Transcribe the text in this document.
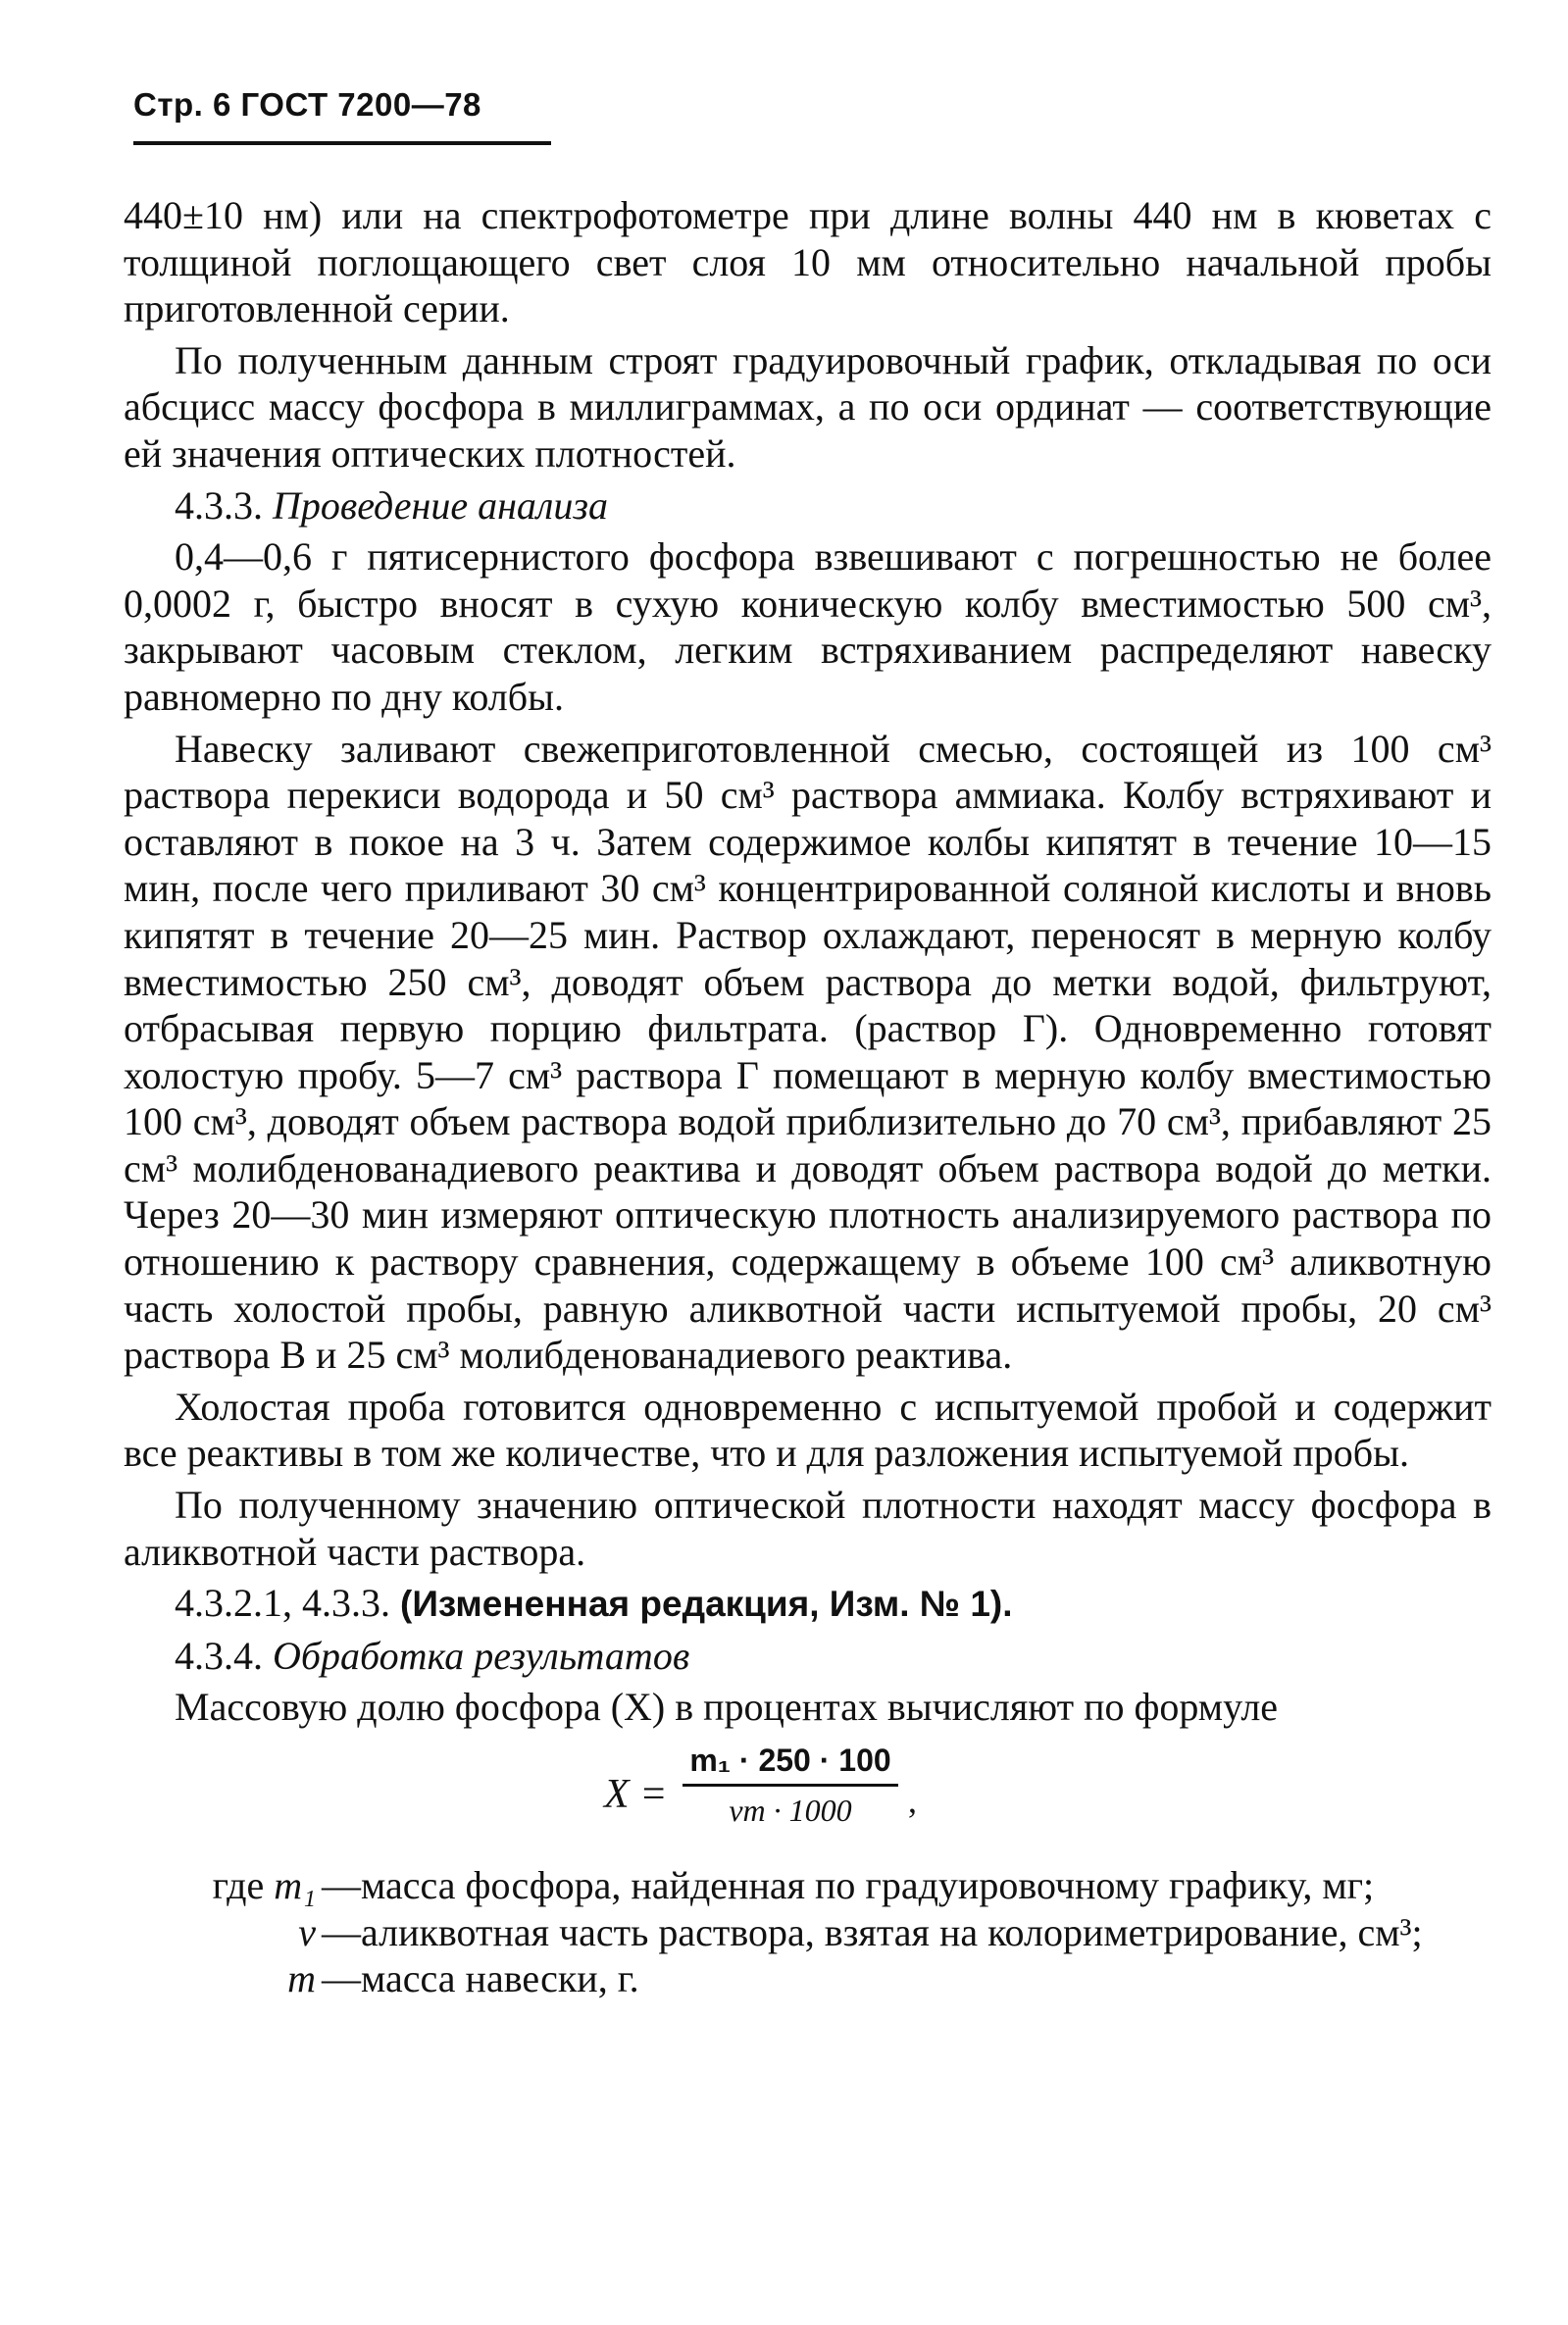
Стр. 6 ГОСТ 7200—78

440±10 нм) или на спектрофотометре при длине волны 440 нм в кюветах с толщиной поглощающего свет слоя 10 мм относительно начальной пробы приготовленной серии.

По полученным данным строят градуировочный график, откладывая по оси абсцисс массу фосфора в миллиграммах, а по оси ординат — соответствующие ей значения оптических плотностей.

4.3.3. Проведение анализа

0,4—0,6 г пятисернистого фосфора взвешивают с погрешностью не более 0,0002 г, быстро вносят в сухую коническую колбу вместимостью 500 см³, закрывают часовым стеклом, легким встряхиванием распределяют навеску равномерно по дну колбы.

Навеску заливают свежеприготовленной смесью, состоящей из 100 см³ раствора перекиси водорода и 50 см³ раствора аммиака. Колбу встряхивают и оставляют в покое на 3 ч. Затем содержимое колбы кипятят в течение 10—15 мин, после чего приливают 30 см³ концентрированной соляной кислоты и вновь кипятят в течение 20—25 мин. Раствор охлаждают, переносят в мерную колбу вместимостью 250 см³, доводят объем раствора до метки водой, фильтруют, отбрасывая первую порцию фильтрата. (раствор Г). Одновременно готовят холостую пробу. 5—7 см³ раствора Г помещают в мерную колбу вместимостью 100 см³, доводят объем раствора водой приблизительно до 70 см³, прибавляют 25 см³ молибденованадиевого реактива и доводят объем раствора водой до метки. Через 20—30 мин измеряют оптическую плотность анализируемого раствора по отношению к раствору сравнения, содержащему в объеме 100 см³ аликвотную часть холостой пробы, равную аликвотной части испытуемой пробы, 20 см³ раствора В и 25 см³ молибденованадиевого реактива.

Холостая проба готовится одновременно с испытуемой пробой и содержит все реактивы в том же количестве, что и для разложения испытуемой пробы.

По полученному значению оптической плотности находят массу фосфора в аликвотной части раствора.

4.3.2.1, 4.3.3. (Измененная редакция, Изм. № 1).

4.3.4. Обработка результатов

Массовую долю фосфора (X) в процентах вычисляют по формуле

X =
m₁ · 250 · 100
vm · 1000	,
где m₁ —масса фосфора, найденная по градуировочному графику, мг;
v —аликвотная часть раствора, взятая на колориметрирование, см³;
m —масса навески, г.
